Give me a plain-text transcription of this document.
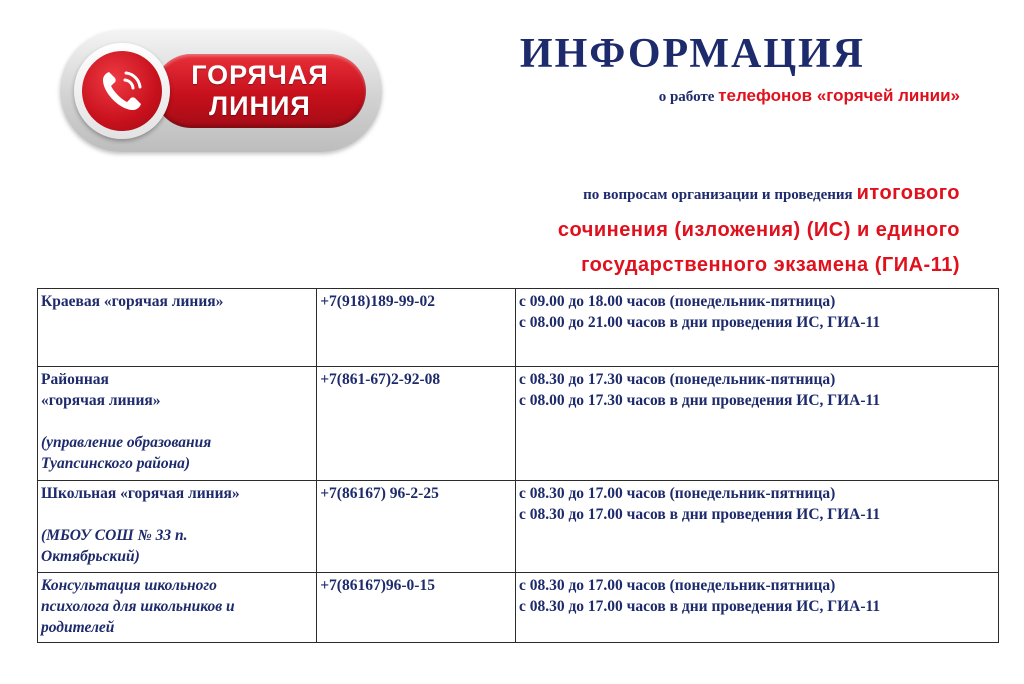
ГОРЯЧАЯ
ЛИНИЯ
ИНФОРМАЦИЯ
о работе телефонов «горячей линии»
по вопросам организации и проведения итогового
сочинения (изложения) (ИС) и единого
государственного экзамена (ГИА-11)
Краевая «горячая линия»	+7(918)189-99-02	с 09.00 до 18.00 часов (понедельник-пятница)
с 08.00 до 21.00 часов в дни проведения ИС, ГИА-11

Районная
«горячая линия»
(управление образования
Туапсинского района)	+7(861-67)2-92-08	с 08.30 до 17.30 часов (понедельник-пятница)
с 08.00 до 17.30 часов в дни проведения ИС, ГИА-11

Школьная «горячая линия»
(МБОУ СОШ № 33 п.
Октябрьский)	+7(86167) 96-2-25	с 08.30 до 17.00 часов (понедельник-пятница)
с 08.30 до 17.00 часов в дни проведения ИС, ГИА-11

Консультация школьного
психолога для школьников и
родителей	+7(86167)96-0-15	с 08.30 до 17.00 часов (понедельник-пятница)
с 08.30 до 17.00 часов в дни проведения ИС, ГИА-11
